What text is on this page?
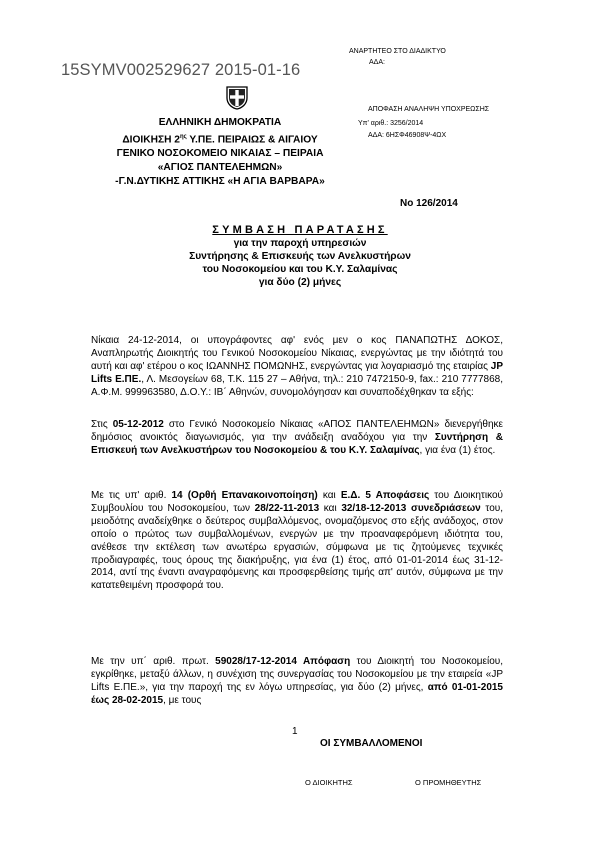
15SYMV002529627 2015-01-16
ΑΝΑΡΤΗΤΕΟ ΣΤΟ ΔΙΑΔΙΚΤΥΟ
ΑΔΑ:
ΑΠΟΦΑΣΗ ΑΝΑΛΗΨΗ ΥΠΟΧΡΕΩΣΗΣ
Υπ' αριθ.: 3256/2014
ΑΔΑ: 6ΗΣΦ46908Ψ-4ΩΧ
ΕΛΛΗΝΙΚΗ ΔΗΜΟΚΡΑΤΙΑ
ΔΙΟΙΚΗΣΗ $2^{\eta\varsigma}$ Υ.ΠΕ. ΠΕΙΡΑΙΩΣ & ΑΙΓΑΙΟΥ
ΓΕΝΙΚΟ ΝΟΣΟΚΟΜΕΙΟ ΝΙΚΑΙΑΣ – ΠΕΙΡΑΙΑ
«ΑΓΙΟΣ ΠΑΝΤΕΛΕΗΜΩΝ»
-Γ.Ν.ΔΥΤΙΚΗΣ ΑΤΤΙΚΗΣ «Η ΑΓΙΑ ΒΑΡΒΑΡΑ»
Νο 126/2014
ΣΥΜΒΑΣΗ ΠΑΡΑΤΑΣΗΣ
για την παροχή υπηρεσιών
Συντήρησης & Επισκευής των Ανελκυστήρων
του Νοσοκομείου και του Κ.Υ. Σαλαμίνας
για δύο (2) μήνες
Νίκαια 24-12-2014, οι υπογράφοντες αφ' ενός μεν ο κος ΠΑΝΑΠΩΤΗΣ ΔΟΚΟΣ, Αναπληρωτής Διοικητής του Γενικού Νοσοκομείου Νίκαιας, ενεργώντας με την ιδιότητά του αυτή και αφ' ετέρου ο κος ΙΩΑΝΝΗΣ ΠΟΜΩΝΗΣ, ενεργώντας για λογαριασμό της εταιρίας JP Lifts Ε.ΠΕ., Λ. Μεσογείων 68, Τ.Κ. 115 27 – Αθήνα, τηλ.: 210 7472150-9, fax.: 210 7777868, Α.Φ.Μ. 999963580, Δ.Ο.Υ.: ΙΒ΄ Αθηνών, συνομολόγησαν και συναποδέχθηκαν τα εξής:
Στις 05-12-2012 στο Γενικό Νοσοκομείο Νίκαιας «ΑΠΟΣ ΠΑΝΤΕΛΕΗΜΩΝ» διενεργήθηκε δημόσιος ανοικτός διαγωνισμός, για την ανάδειξη αναδόχου για την Συντήρηση & Επισκευή των Ανελκυστήρων του Νοσοκομείου & του Κ.Υ. Σαλαμίνας, για ένα (1) έτος.
Με τις υπ' αριθ. 14 (Ορθή Επανακοινοποίηση) και Ε.Δ. 5 Αποφάσεις του Διοικητικού Συμβουλίου του Νοσοκομείου, των 28/22-11-2013 και 32/18-12-2013 συνεδριάσεων του, μειοδότης αναδείχθηκε ο δεύτερος συμβαλλόμενος, ονομαζόμενος στο εξής ανάδοχος, στον οποίο ο πρώτος των συμβαλλομένων, ενεργών με την προαναφερόμενη ιδιότητα του, ανέθεσε την εκτέλεση των ανωτέρω εργασιών, σύμφωνα με τις ζητούμενες τεχνικές προδιαγραφές, τους όρους της διακήρυξης, για ένα (1) έτος, από 01-01-2014 έως 31-12-2014, αντί της έναντι αναγραφόμενης και προσφερθείσης τιμής απ' αυτόν, σύμφωνα με την κατατεθειμένη προσφορά του.
Με την υπ΄ αριθ. πρωτ. 59028/17-12-2014 Απόφαση του Διοικητή του Νοσοκομείου, εγκρίθηκε, μεταξύ άλλων, η συνέχιση της συνεργασίας του Νοσοκομείου με την εταιρεία «JP Lifts Ε.ΠΕ.», για την παροχή της εν λόγω υπηρεσίας, για δύο (2) μήνες, από 01-01-2015 έως 28-02-2015, με τους
1
ΟΙ ΣΥΜΒΑΛΛΟΜΕΝΟΙ
Ο ΔΙΟΙΚΗΤΗΣ	Ο ΠΡΟΜΗΘΕΥΤΗΣ
